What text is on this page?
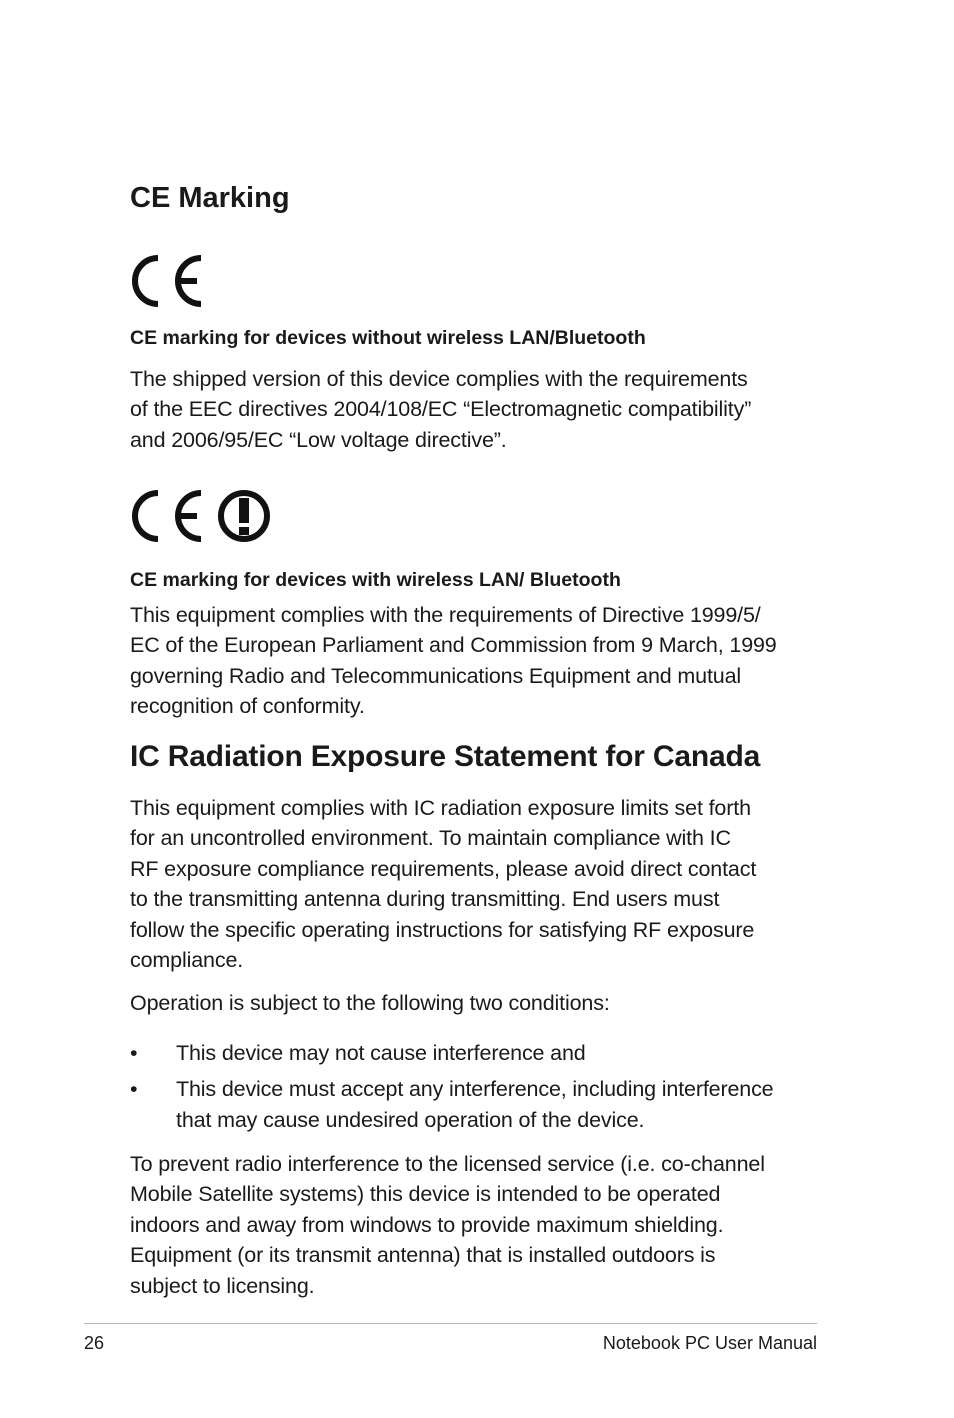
CE Marking

CE marking for devices without wireless LAN/Bluetooth

The shipped version of this device complies with the requirements
of the EEC directives 2004/108/EC “Electromagnetic compatibility”
and 2006/95/EC “Low voltage directive”.

CE marking for devices with wireless LAN/ Bluetooth

This equipment complies with the requirements of Directive 1999/5/
EC of the European Parliament and Commission from 9 March, 1999
governing Radio and Telecommunications Equipment and mutual
recognition of conformity.

IC Radiation Exposure Statement for Canada

This equipment complies with IC radiation exposure limits set forth
for an uncontrolled environment. To maintain compliance with IC
RF exposure compliance requirements, please avoid direct contact
to the transmitting antenna during transmitting. End users must
follow the specific operating instructions for satisfying RF exposure
compliance.

Operation is subject to the following two conditions:

• This device may not cause interference and
• This device must accept any interference, including interference
that may cause undesired operation of the device.

To prevent radio interference to the licensed service (i.e. co-channel
Mobile Satellite systems) this device is intended to be operated
indoors and away from windows to provide maximum shielding.
Equipment (or its transmit antenna) that is installed outdoors is
subject to licensing.

26	Notebook PC User Manual
